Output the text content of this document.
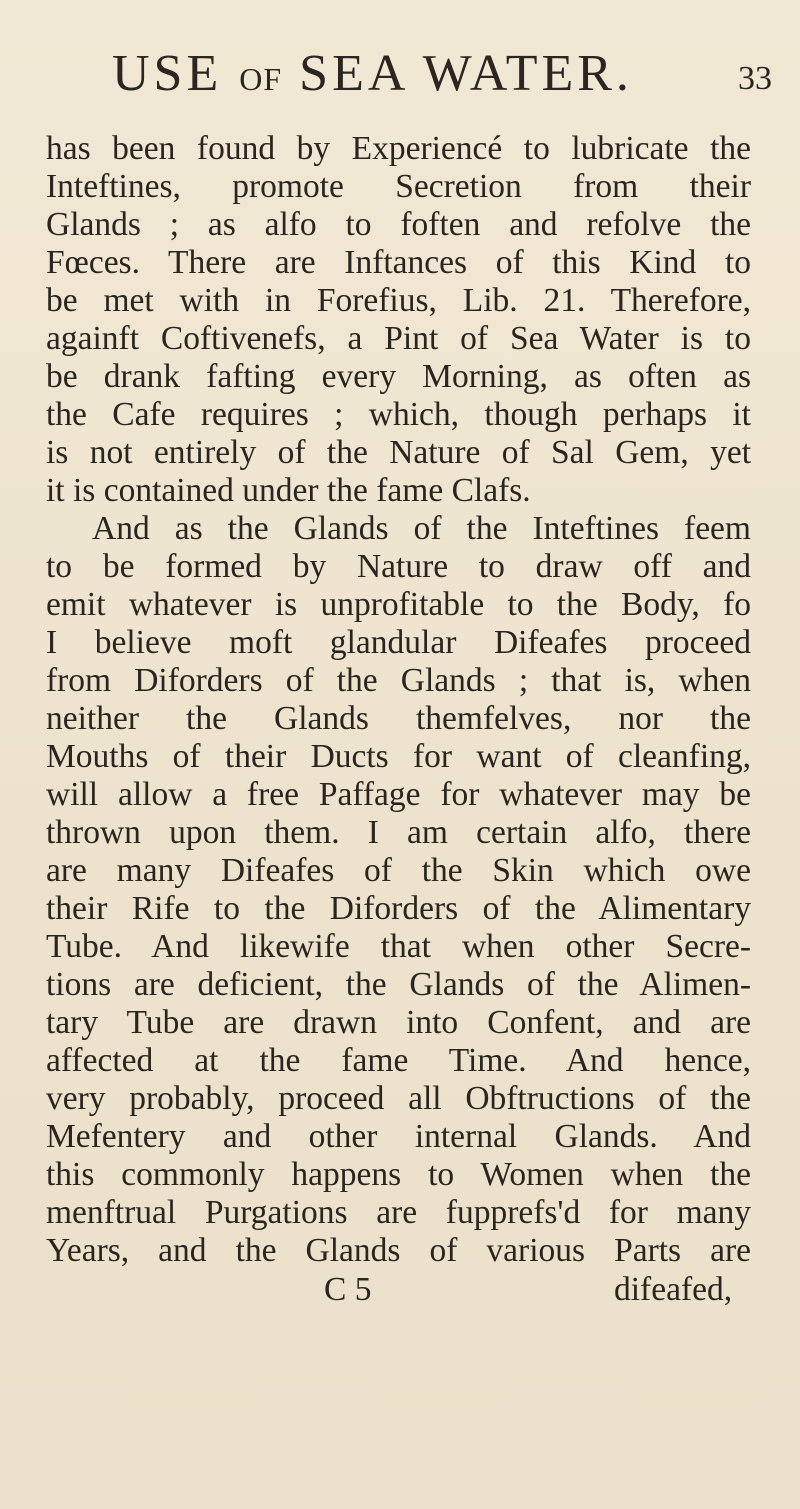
USE OF SEA WATER.	33
has been found by Experiencé to lubricate the
Inteftines, promote Secretion from their
Glands ; as alfo to foften and refolve the
Fœces. There are Inftances of this Kind to
be met with in Forefius, Lib. 21. Therefore,
againft Coftivenefs, a Pint of Sea Water is to
be drank fafting every Morning, as often as
the Cafe requires ; which, though perhaps it
is not entirely of the Nature of Sal Gem, yet
it is contained under the fame Clafs.
And as the Glands of the Inteftines feem
to be formed by Nature to draw off and
emit whatever is unprofitable to the Body, fo
I believe moft glandular Difeafes proceed
from Diforders of the Glands ; that is, when
neither the Glands themfelves, nor the
Mouths of their Ducts for want of cleanfing,
will allow a free Paffage for whatever may be
thrown upon them. I am certain alfo, there
are many Difeafes of the Skin which owe
their Rife to the Diforders of the Alimentary
Tube. And likewife that when other Secre-
tions are deficient, the Glands of the Alimen-
tary Tube are drawn into Confent, and are
affected at the fame Time. And hence,
very probably, proceed all Obftructions of the
Mefentery and other internal Glands. And
this commonly happens to Women when the
menftrual Purgations are fupprefs'd for many
Years, and the Glands of various Parts are
C 5	difeafed,
